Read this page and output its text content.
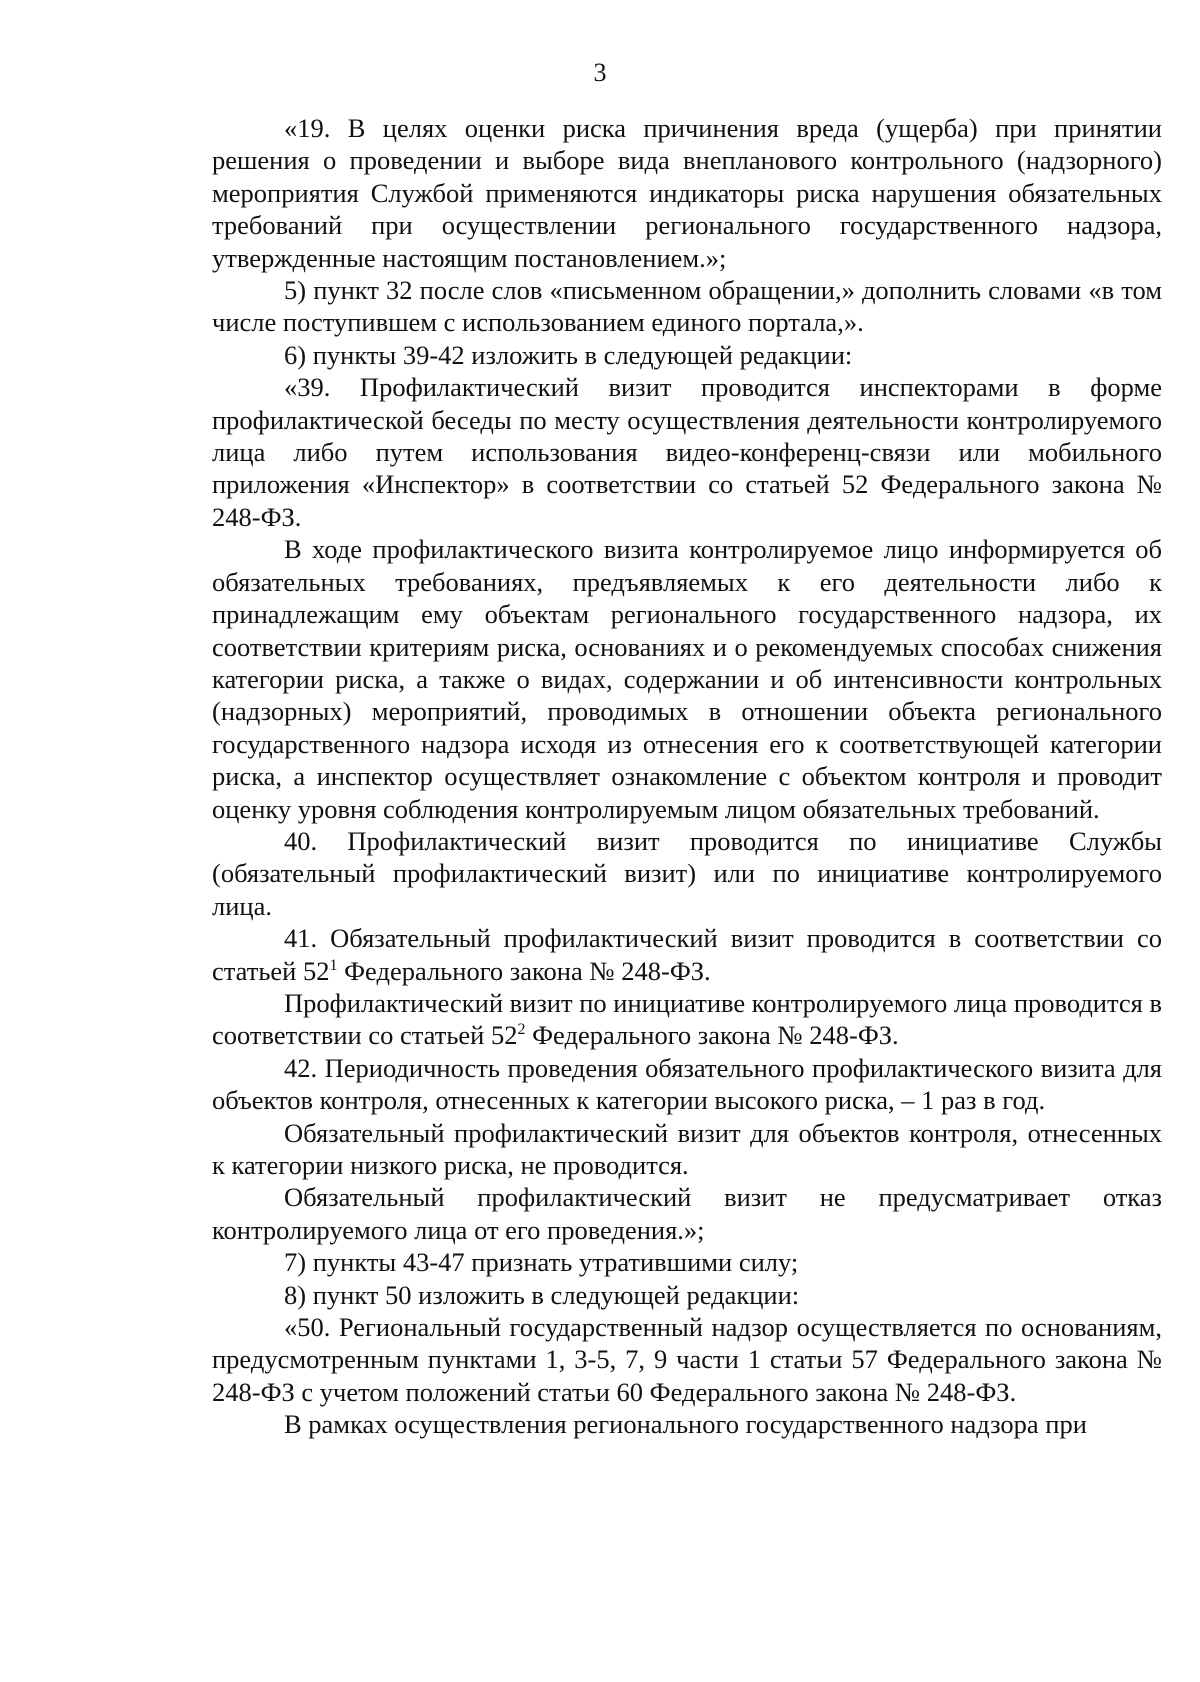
3

«19. В целях оценки риска причинения вреда (ущерба) при принятии решения о проведении и выборе вида внепланового контрольного (надзорного) мероприятия Службой применяются индикаторы риска нарушения обязательных требований при осуществлении регионального государственного надзора, утвержденные настоящим постановлением.»;

5) пункт 32 после слов «письменном обращении,» дополнить словами «в том числе поступившем с использованием единого портала,».

6) пункты 39-42 изложить в следующей редакции:

«39. Профилактический визит проводится инспекторами в форме профилактической беседы по месту осуществления деятельности контролируемого лица либо путем использования видео-конференц-связи или мобильного приложения «Инспектор» в соответствии со статьей 52 Федерального закона № 248-ФЗ.

В ходе профилактического визита контролируемое лицо информируется об обязательных требованиях, предъявляемых к его деятельности либо к принадлежащим ему объектам регионального государственного надзора, их соответствии критериям риска, основаниях и о рекомендуемых способах снижения категории риска, а также о видах, содержании и об интенсивности контрольных (надзорных) мероприятий, проводимых в отношении объекта регионального государственного надзора исходя из отнесения его к соответствующей категории риска, а инспектор осуществляет ознакомление с объектом контроля и проводит оценку уровня соблюдения контролируемым лицом обязательных требований.

40. Профилактический визит проводится по инициативе Службы (обязательный профилактический визит) или по инициативе контролируемого лица.

41. Обязательный профилактический визит проводится в соответствии со статьей $52^1$ Федерального закона № 248-ФЗ.

Профилактический визит по инициативе контролируемого лица проводится в соответствии со статьей $52^2$ Федерального закона № 248-ФЗ.

42. Периодичность проведения обязательного профилактического визита для объектов контроля, отнесенных к категории высокого риска, – 1 раз в год.

Обязательный профилактический визит для объектов контроля, отнесенных к категории низкого риска, не проводится.

Обязательный профилактический визит не предусматривает отказ контролируемого лица от его проведения.»;

7) пункты 43-47 признать утратившими силу;

8) пункт 50 изложить в следующей редакции:

«50. Региональный государственный надзор осуществляется по основаниям, предусмотренным пунктами 1, 3-5, 7, 9 части 1 статьи 57 Федерального закона № 248-ФЗ с учетом положений статьи 60 Федерального закона № 248-ФЗ.

В рамках осуществления регионального государственного надзора при
